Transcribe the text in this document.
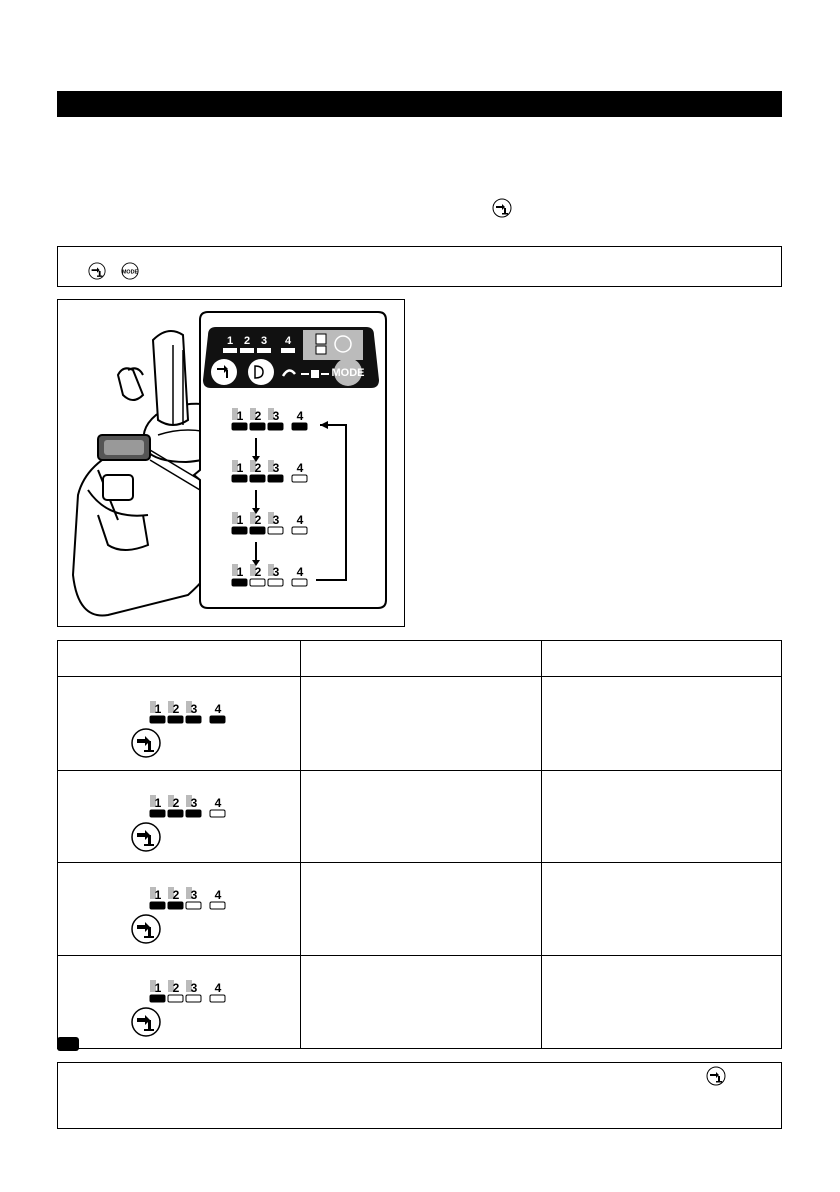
MODE
1 2 3 4
MODE
1 2 3 4
1 2 3 4
1 2 3 4
1 2 3 4

1 2 3 4		

1 2 3 4		

1 2 3 4		

1 2 3 4		
